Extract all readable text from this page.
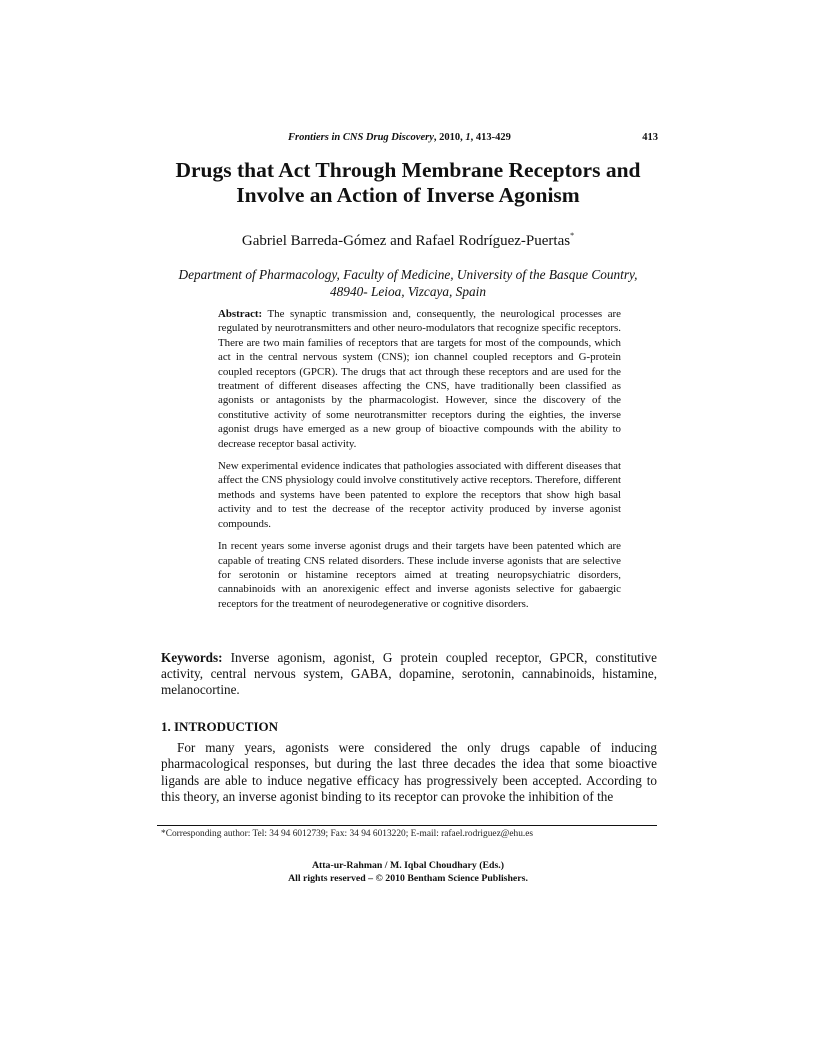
Frontiers in CNS Drug Discovery, 2010, 1, 413-429	413
Drugs that Act Through Membrane Receptors and
Involve an Action of Inverse Agonism
Gabriel Barreda-Gómez and Rafael Rodríguez-Puertas*
Department of Pharmacology, Faculty of Medicine, University of the Basque Country,
48940- Leioa, Vizcaya, Spain

Abstract: The synaptic transmission and, consequently, the neurological processes are regulated by neurotransmitters and other neuro-modulators that recognize specific receptors. There are two main families of receptors that are targets for most of the compounds, which act in the central nervous system (CNS); ion channel coupled receptors and G-protein coupled receptors (GPCR). The drugs that act through these receptors and are used for the treatment of different diseases affecting the CNS, have traditionally been classified as agonists or antagonists by the pharmacologist. However, since the discovery of the constitutive activity of some neurotransmitter receptors during the eighties, the inverse agonist drugs have emerged as a new group of bioactive compounds with the ability to decrease receptor basal activity.

New experimental evidence indicates that pathologies associated with different diseases that affect the CNS physiology could involve constitutively active receptors. Therefore, different methods and systems have been patented to explore the receptors that show high basal activity and to test the decrease of the receptor activity produced by inverse agonist compounds.

In recent years some inverse agonist drugs and their targets have been patented which are capable of treating CNS related disorders. These include inverse agonists that are selective for serotonin or histamine receptors aimed at treating neuropsychiatric disorders, cannabinoids with an anorexigenic effect and inverse agonists selective for gabaergic receptors for the treatment of neurodegenerative or cognitive disorders.

Keywords: Inverse agonism, agonist, G protein coupled receptor, GPCR, constitutive activity, central nervous system, GABA, dopamine, serotonin, cannabinoids, histamine, melanocortine.
1. INTRODUCTION

For many years, agonists were considered the only drugs capable of inducing pharmacological responses, but during the last three decades the idea that some bioactive ligands are able to induce negative efficacy has progressively been accepted. According to this theory, an inverse agonist binding to its receptor can provoke the inhibition of the

*Corresponding author: Tel: 34 94 6012739; Fax: 34 94 6013220; E-mail: rafael.rodriguez@ehu.es
Atta-ur-Rahman / M. Iqbal Choudhary (Eds.)
All rights reserved – © 2010 Bentham Science Publishers.
